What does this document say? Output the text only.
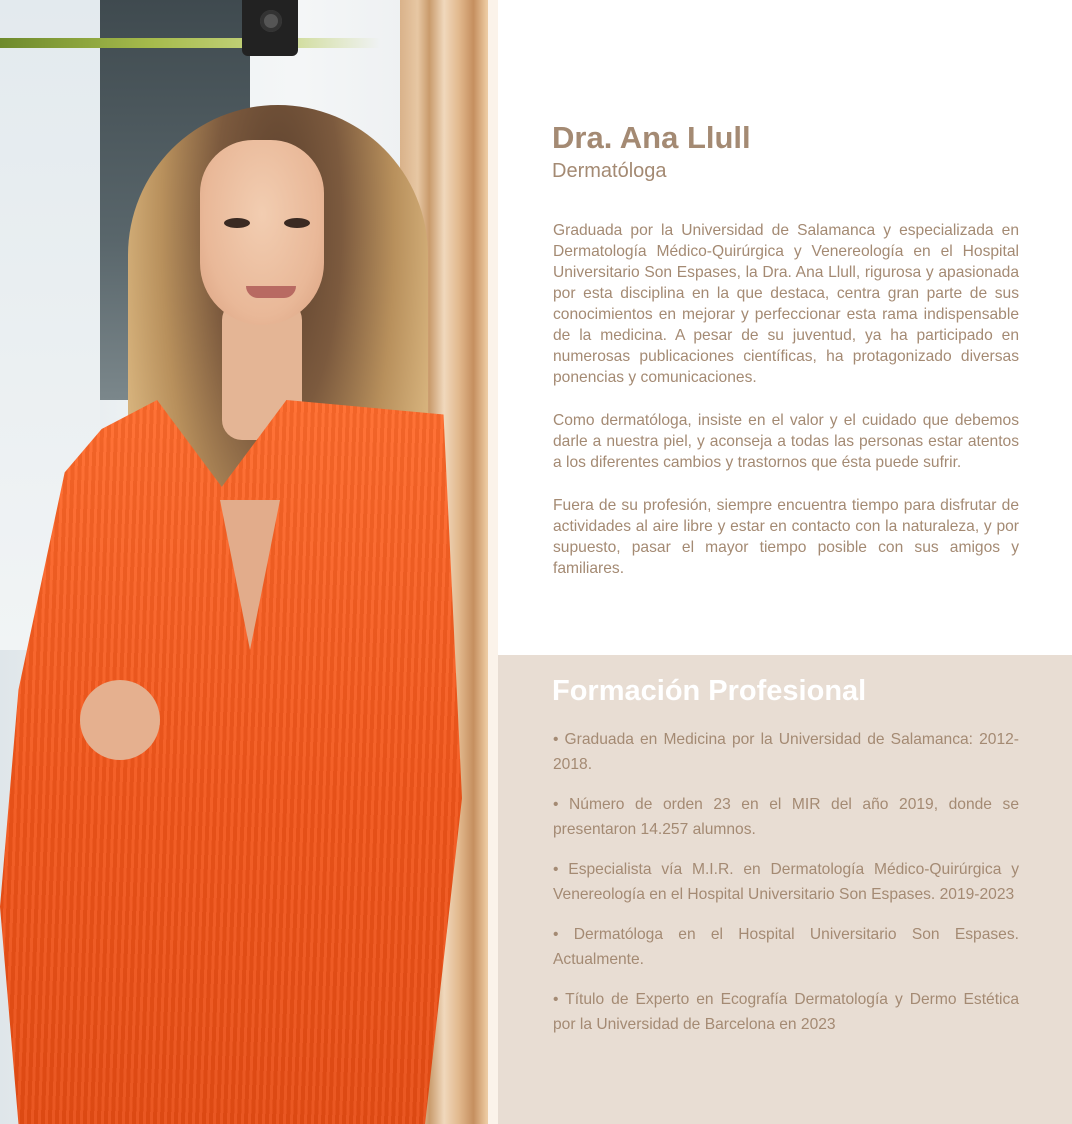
Dra. Ana Llull
Dermatóloga

Graduada por la Universidad de Salamanca y especializada en Dermatología Médico-Quirúrgica y Venereología en el Hospital Universitario Son Espases, la Dra. Ana Llull, rigurosa y apasionada por esta disciplina en la que destaca, centra gran parte de sus conocimientos en mejorar y perfeccionar esta rama indispensable de la medicina. A pesar de su juventud, ya ha participado en numerosas publicaciones científicas, ha protagonizado diversas ponencias y comunicaciones.

Como dermatóloga, insiste en el valor y el cuidado que debemos darle a nuestra piel, y aconseja a todas las personas estar atentos a los diferentes cambios y trastornos que ésta puede sufrir.

Fuera de su profesión, siempre encuentra tiempo para disfrutar de actividades al aire libre y estar en contacto con la naturaleza, y por supuesto, pasar el mayor tiempo posible con sus amigos y familiares.

Formación Profesional
• Graduada en Medicina por la Universidad de Salamanca: 2012-2018.
• Número de orden 23 en el MIR del año 2019, donde se presentaron 14.257 alumnos.
• Especialista vía M.I.R. en Dermatología Médico-Quirúrgica y Venereología en el Hospital Universitario Son Espases. 2019-2023
• Dermatóloga en el Hospital Universitario Son Espases. Actualmente.
• Título de Experto en Ecografía Dermatología y Dermo Estética por la Universidad de Barcelona en 2023
